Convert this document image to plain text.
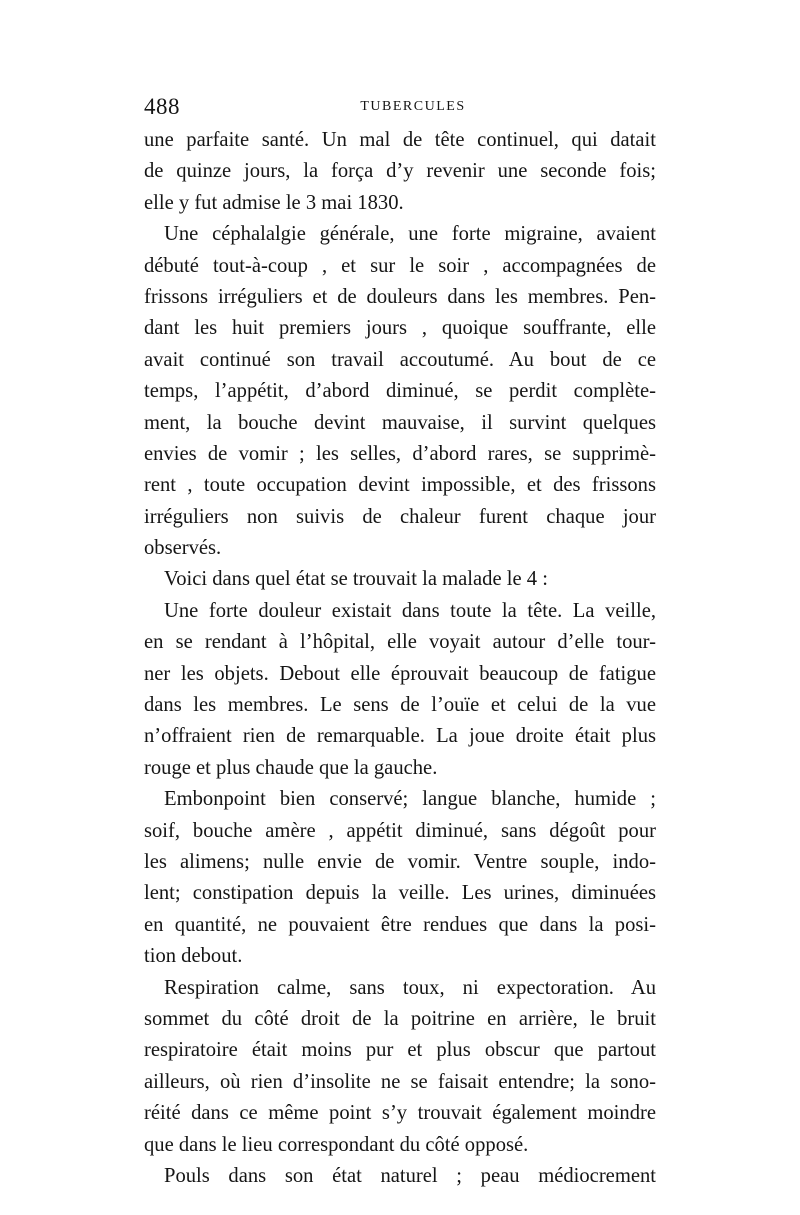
488	TUBERCULES
une parfaite santé. Un mal de tête continuel, qui datait
de quinze jours, la força d’y revenir une seconde fois;
elle y fut admise le 3 mai 1830.
Une céphalalgie générale, une forte migraine, avaient
débuté tout-à-coup , et sur le soir , accompagnées de
frissons irréguliers et de douleurs dans les membres. Pen-
dant les huit premiers jours , quoique souffrante, elle
avait continué son travail accoutumé. Au bout de ce
temps, l’appétit, d’abord diminué, se perdit complète-
ment, la bouche devint mauvaise, il survint quelques
envies de vomir ; les selles, d’abord rares, se supprimè-
rent , toute occupation devint impossible, et des frissons
irréguliers non suivis de chaleur furent chaque jour
observés.
Voici dans quel état se trouvait la malade le 4 :
Une forte douleur existait dans toute la tête. La veille,
en se rendant à l’hôpital, elle voyait autour d’elle tour-
ner les objets. Debout elle éprouvait beaucoup de fatigue
dans les membres. Le sens de l’ouïe et celui de la vue
n’offraient rien de remarquable. La joue droite était plus
rouge et plus chaude que la gauche.
Embonpoint bien conservé; langue blanche, humide ;
soif, bouche amère , appétit diminué, sans dégoût pour
les alimens; nulle envie de vomir. Ventre souple, indo-
lent; constipation depuis la veille. Les urines, diminuées
en quantité, ne pouvaient être rendues que dans la posi-
tion debout.
Respiration calme, sans toux, ni expectoration. Au
sommet du côté droit de la poitrine en arrière, le bruit
respiratoire était moins pur et plus obscur que partout
ailleurs, où rien d’insolite ne se faisait entendre; la sono-
réité dans ce même point s’y trouvait également moindre
que dans le lieu correspondant du côté opposé.
Pouls dans son état naturel ; peau médiocrement
